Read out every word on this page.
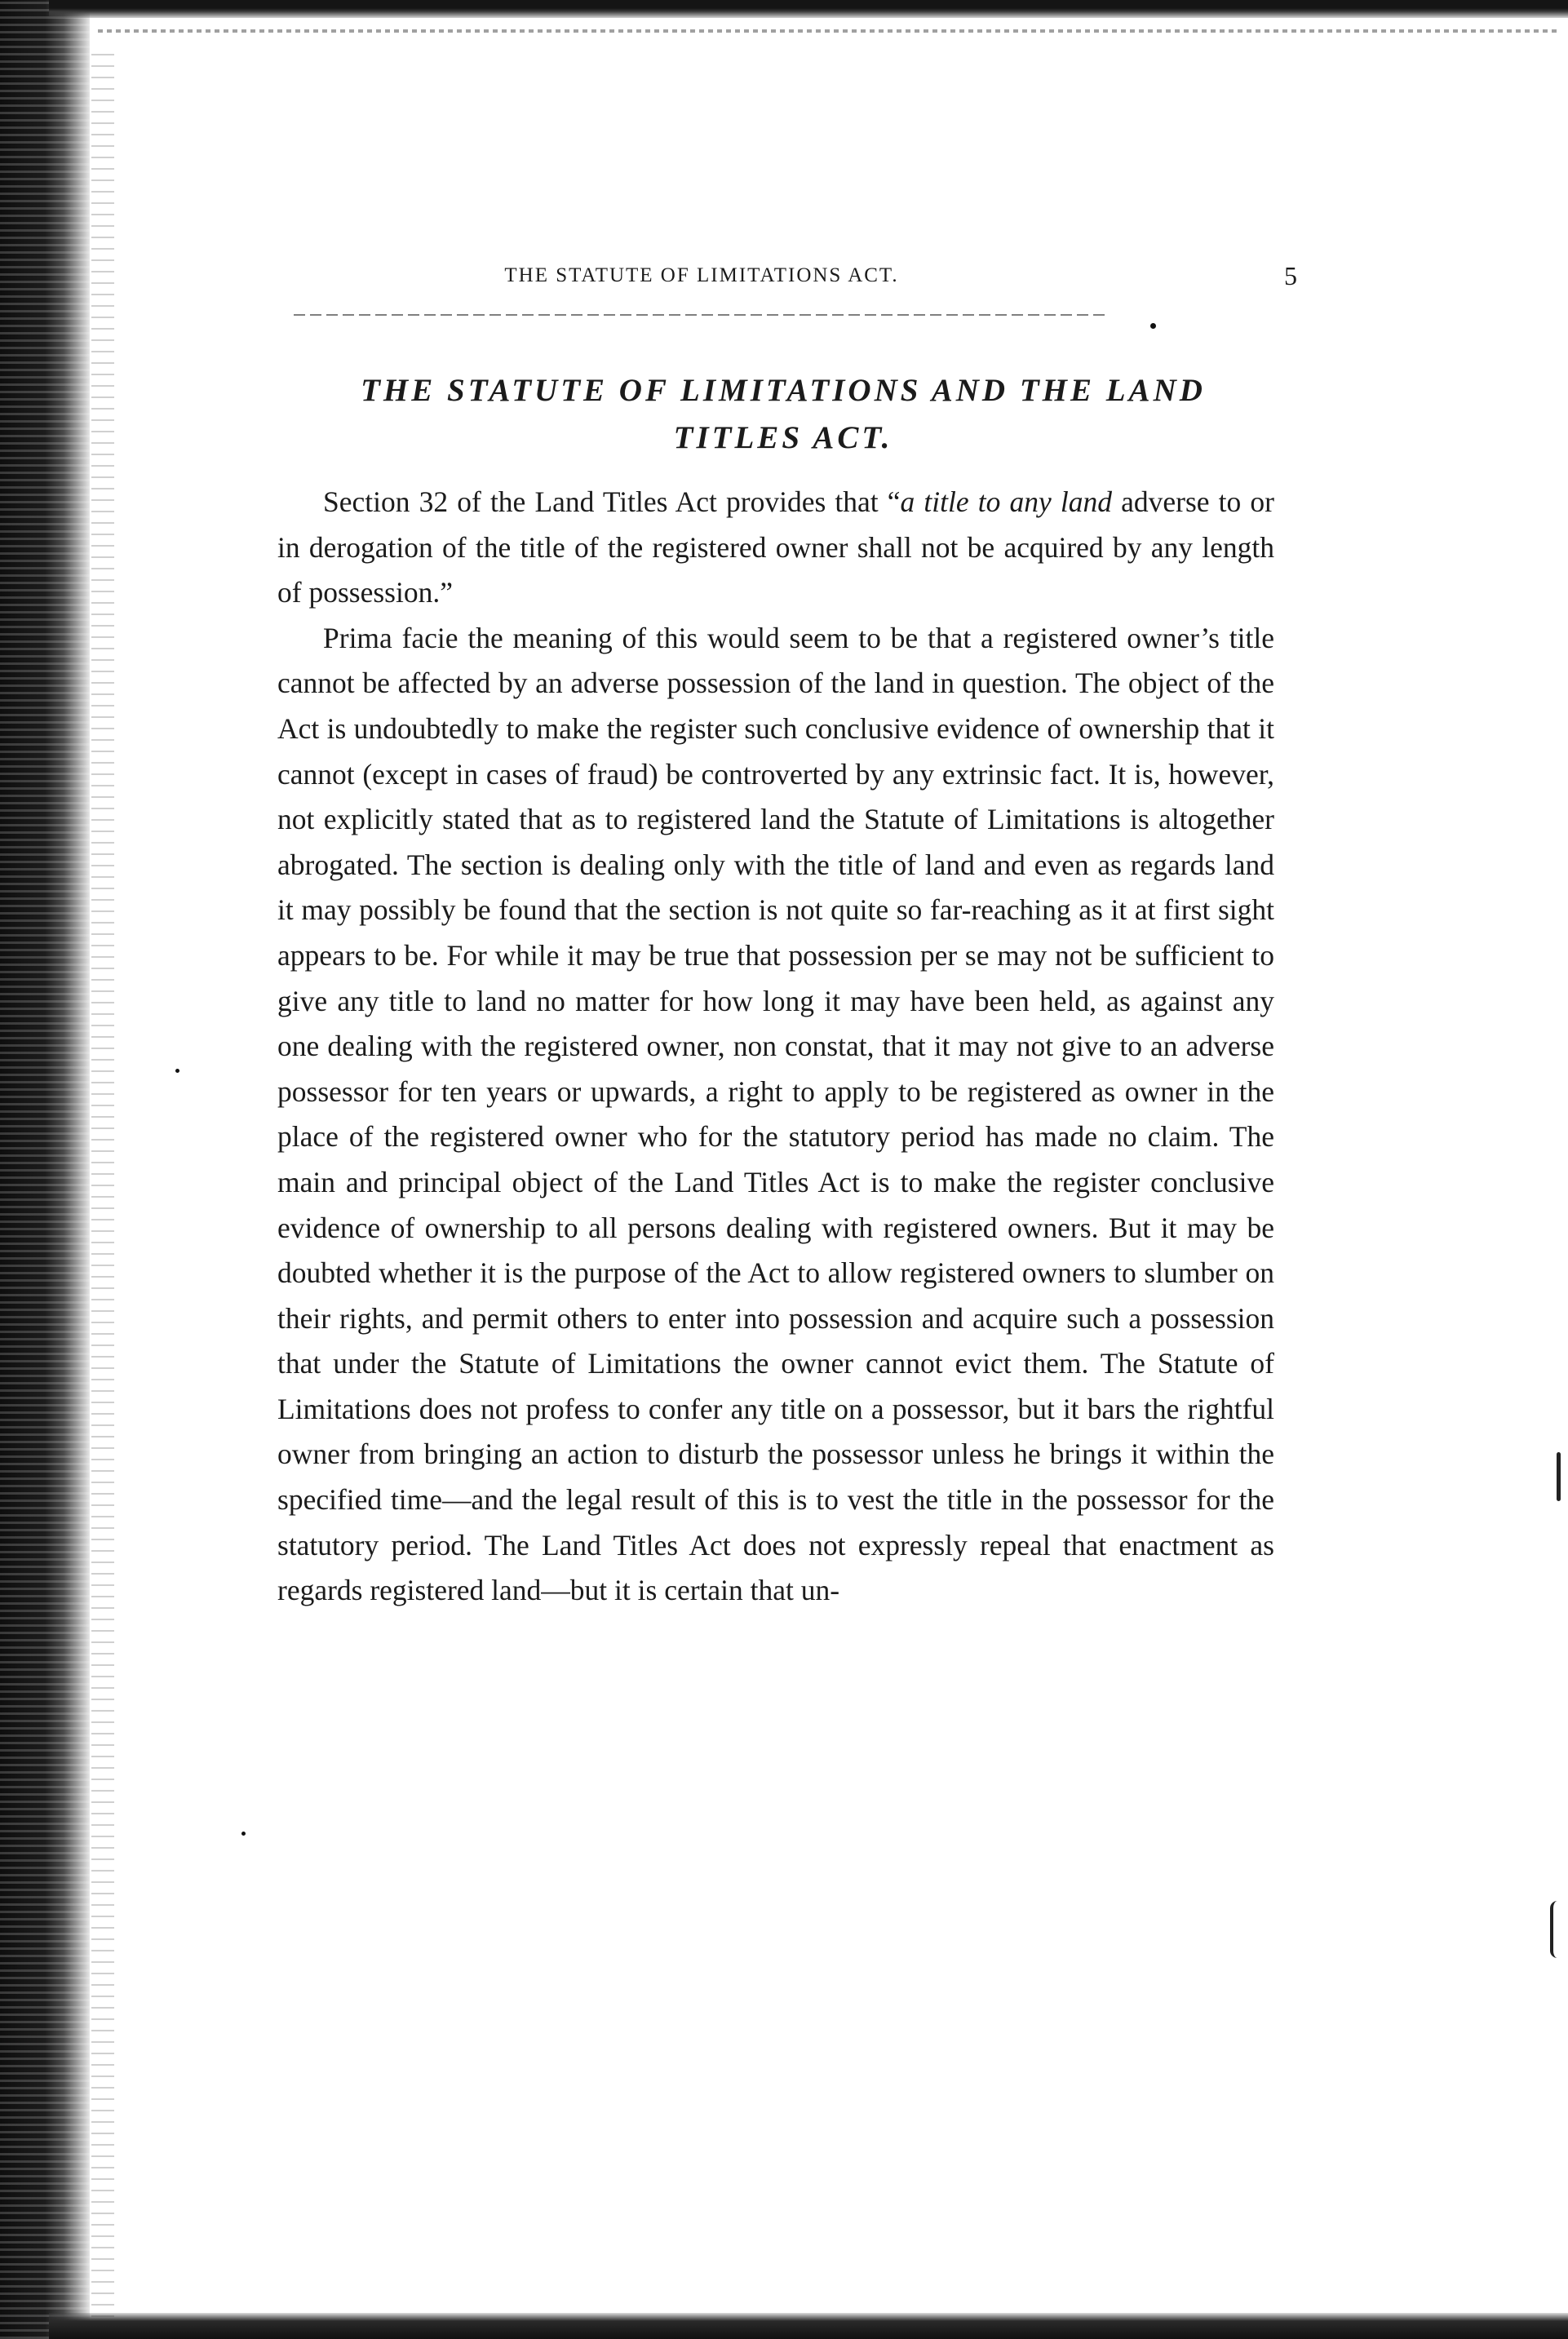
THE STATUTE OF LIMITATIONS ACT.	5
THE STATUTE OF LIMITATIONS AND THE LAND
TITLES ACT.

Section 32 of the Land Titles Act provides that “a title to any land adverse to or in derogation of the title of the registered owner shall not be acquired by any length of possession.”

Prima facie the meaning of this would seem to be that a registered owner’s title cannot be affected by an adverse possession of the land in question. The object of the Act is undoubtedly to make the register such conclusive evidence of ownership that it cannot (except in cases of fraud) be controverted by any extrinsic fact. It is, however, not explicitly stated that as to registered land the Statute of Limitations is altogether abrogated. The section is dealing only with the title of land and even as regards land it may possibly be found that the section is not quite so far-reaching as it at first sight appears to be. For while it may be true that possession per se may not be sufficient to give any title to land no matter for how long it may have been held, as against any one dealing with the registered owner, non constat, that it may not give to an adverse possessor for ten years or upwards, a right to apply to be registered as owner in the place of the registered owner who for the statutory period has made no claim. The main and principal object of the Land Titles Act is to make the register conclusive evidence of ownership to all persons dealing with registered owners. But it may be doubted whether it is the purpose of the Act to allow registered owners to slumber on their rights, and permit others to enter into possession and acquire such a possession that under the Statute of Limitations the owner cannot evict them. The Statute of Limitations does not profess to confer any title on a possessor, but it bars the rightful owner from bringing an action to disturb the possessor unless he brings it within the specified time—and the legal result of this is to vest the title in the possessor for the statutory period. The Land Titles Act does not expressly repeal that enactment as regards registered land—but it is certain that un-
